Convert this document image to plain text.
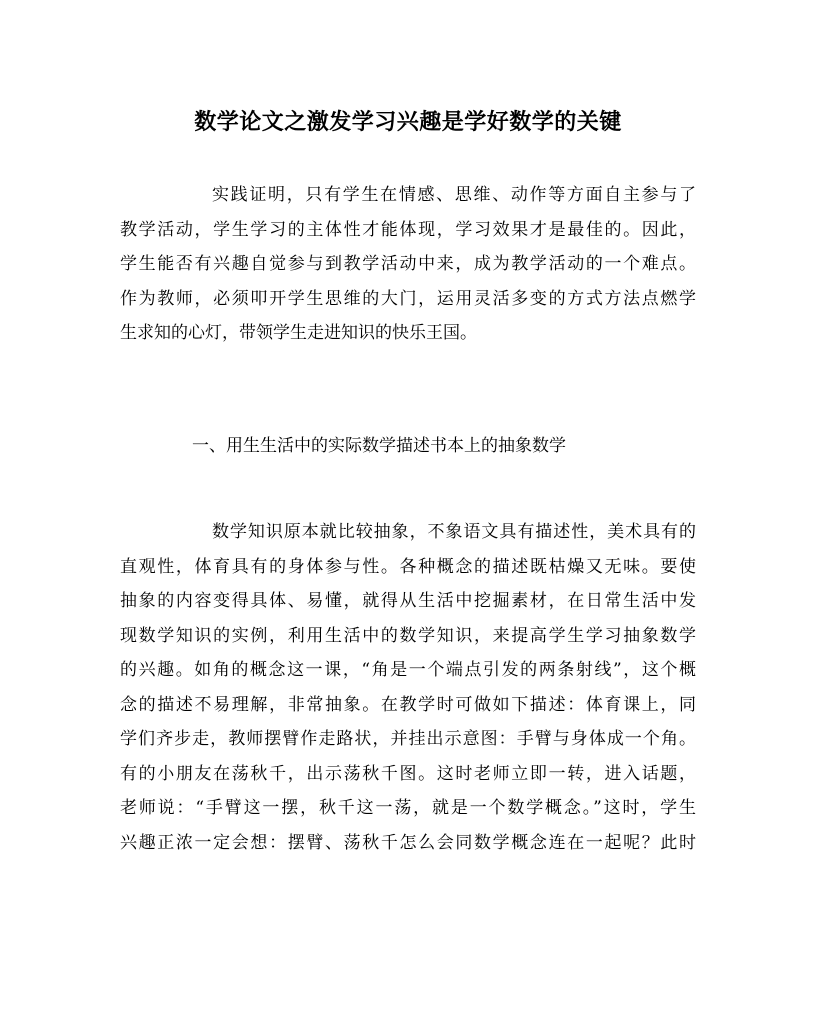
数学论文之激发学习兴趣是学好数学的关键
实践证明，只有学生在情感、思维、动作等方面自主参与了
教学活动，学生学习的主体性才能体现，学习效果才是最佳的。因此，
学生能否有兴趣自觉参与到教学活动中来，成为教学活动的一个难点。
作为教师，必须叩开学生思维的大门，运用灵活多变的方式方法点燃学
生求知的心灯，带领学生走进知识的快乐王国。
一、用生生活中的实际数学描述书本上的抽象数学
数学知识原本就比较抽象，不象语文具有描述性，美术具有的
直观性，体育具有的身体参与性。各种概念的描述既枯燥又无味。要使
抽象的内容变得具体、易懂，就得从生活中挖掘素材，在日常生活中发
现数学知识的实例，利用生活中的数学知识，来提高学生学习抽象数学
的兴趣。如角的概念这一课，“角是一个端点引发的两条射线”，这个概
念的描述不易理解，非常抽象。在教学时可做如下描述：体育课上，同
学们齐步走，教师摆臂作走路状，并挂出示意图：手臂与身体成一个角。
有的小朋友在荡秋千，出示荡秋千图。这时老师立即一转，进入话题，
老师说：“手臂这一摆，秋千这一荡，就是一个数学概念。”这时，学生
兴趣正浓一定会想：摆臂、荡秋千怎么会同数学概念连在一起呢？此时
